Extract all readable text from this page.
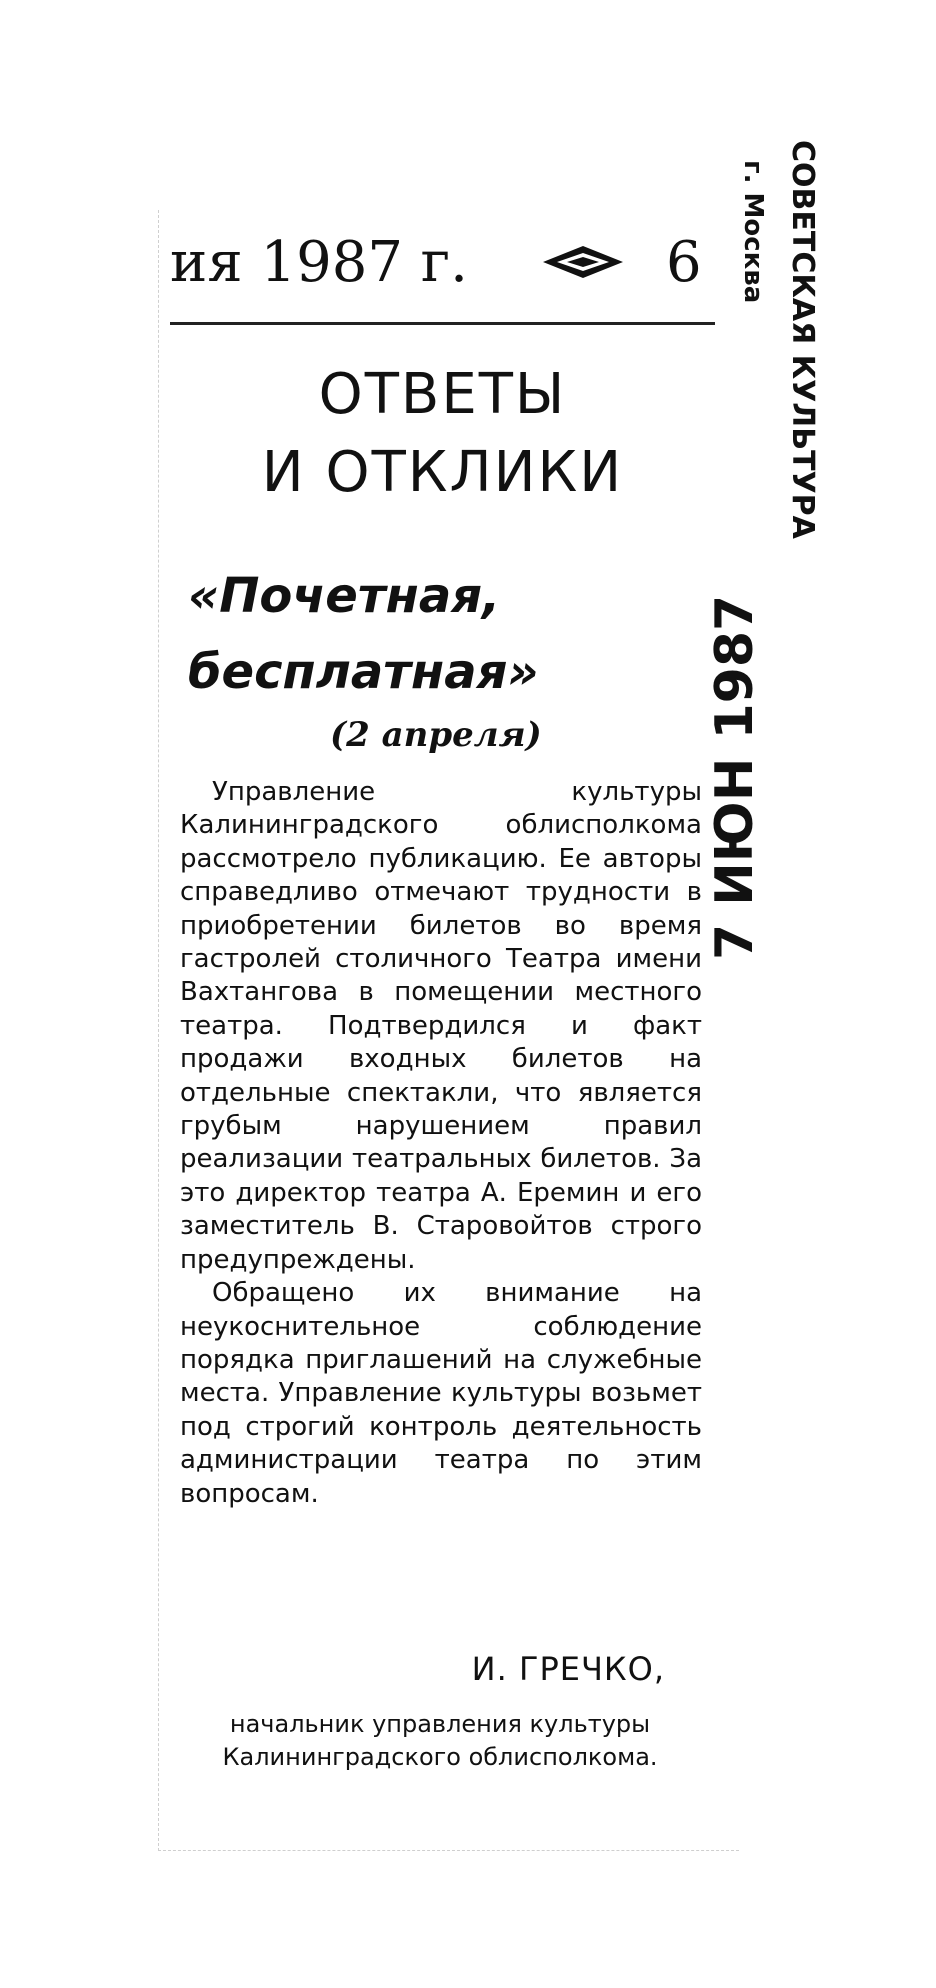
ия 1987 г.	6
ОТВЕТЫ
И ОТКЛИКИ
«Почетная,
бесплатная»
(2 апреля)

Управление культуры Калининградского облисполкома рассмотрело публикацию. Ее авторы справедливо отмечают трудности в приобретении билетов во время гастролей столичного Театра имени Вахтангова в помещении местного театра. Подтвердился и факт продажи входных билетов на отдельные спектакли, что является грубым нарушением правил реализации театральных билетов. За это директор театра А. Еремин и его заместитель В. Старовойтов строго предупреждены.

Обращено их внимание на неукоснительное соблюдение порядка приглашений на служебные места. Управление культуры возьмет под строгий контроль деятельность администрации театра по этим вопросам.

И. ГРЕЧКО,
начальник управления культуры Калининградского облисполкома.
СОВЕТСКАЯ КУЛЬТУРА
г. Москва
7 ИЮН 1987
